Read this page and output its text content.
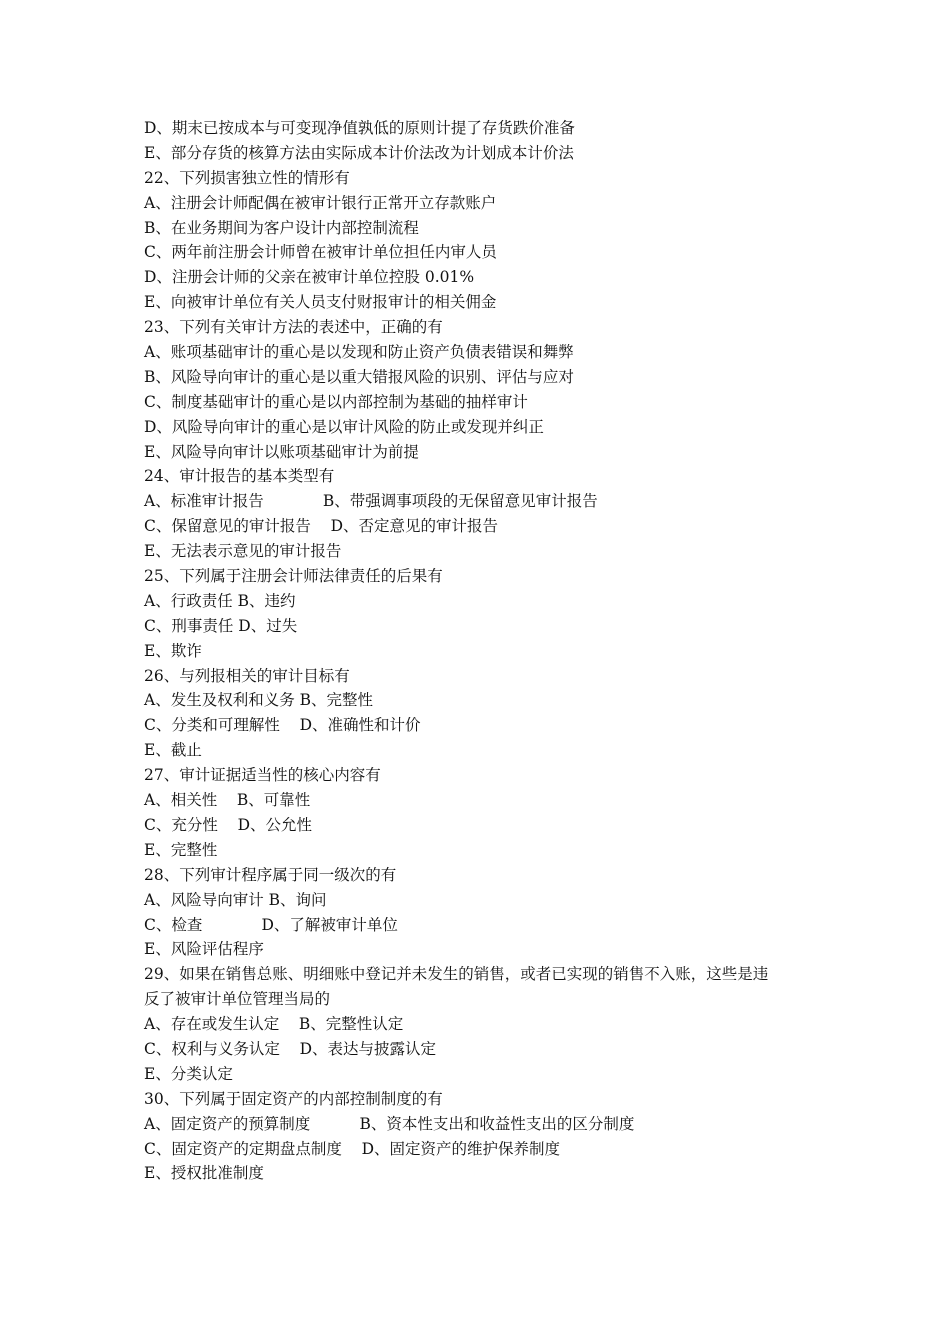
D、期末已按成本与可变现净值孰低的原则计提了存货跌价准备
E、部分存货的核算方法由实际成本计价法改为计划成本计价法
22、下列损害独立性的情形有
A、注册会计师配偶在被审计银行正常开立存款账户
B、在业务期间为客户设计内部控制流程
C、两年前注册会计师曾在被审计单位担任内审人员
D、注册会计师的父亲在被审计单位控股 0.01%
E、向被审计单位有关人员支付财报审计的相关佣金
23、下列有关审计方法的表述中，正确的有
A、账项基础审计的重心是以发现和防止资产负债表错误和舞弊
B、风险导向审计的重心是以重大错报风险的识别、评估与应对
C、制度基础审计的重心是以内部控制为基础的抽样审计
D、风险导向审计的重心是以审计风险的防止或发现并纠正
E、风险导向审计以账项基础审计为前提
24、审计报告的基本类型有
A、标准审计报告            B、带强调事项段的无保留意见审计报告
C、保留意见的审计报告    D、否定意见的审计报告
E、无法表示意见的审计报告
25、下列属于注册会计师法律责任的后果有
A、行政责任 B、违约
C、刑事责任 D、过失
E、欺诈
26、与列报相关的审计目标有
A、发生及权利和义务 B、完整性
C、分类和可理解性    D、准确性和计价
E、截止
27、审计证据适当性的核心内容有
A、相关性    B、可靠性
C、充分性    D、公允性
E、完整性
28、下列审计程序属于同一级次的有
A、风险导向审计 B、询问
C、检查            D、了解被审计单位
E、风险评估程序
29、如果在销售总账、明细账中登记并未发生的销售，或者已实现的销售不入账，这些是违
反了被审计单位管理当局的
A、存在或发生认定    B、完整性认定
C、权利与义务认定    D、表达与披露认定
E、分类认定
30、下列属于固定资产的内部控制制度的有
A、固定资产的预算制度          B、资本性支出和收益性支出的区分制度
C、固定资产的定期盘点制度    D、固定资产的维护保养制度
E、授权批准制度
